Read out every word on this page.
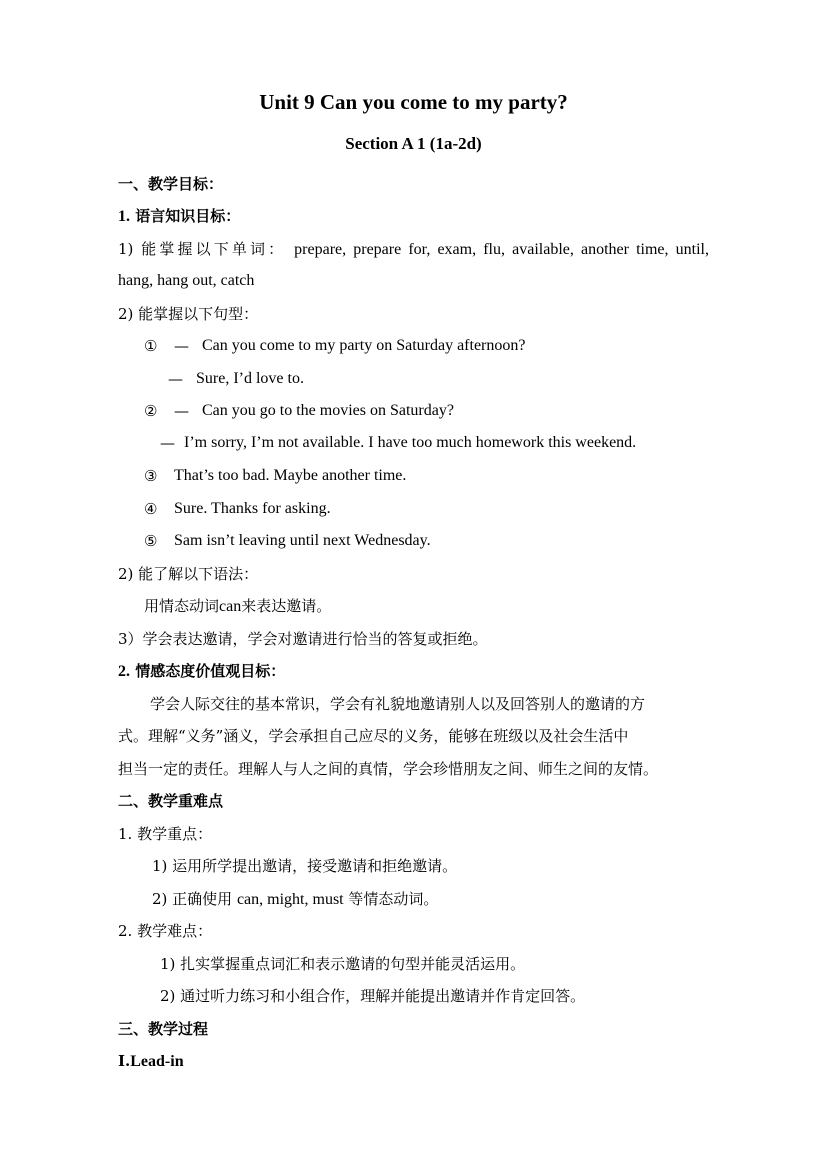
Unit 9 Can you come to my party?
Section A 1 (1a-2d)
一、教学目标：
1. 语言知识目标：
1) 能掌握以下单词： prepare, prepare for, exam, flu, available, another time, until,
hang, hang out, catch
2) 能掌握以下句型：
①	— Can you come to my party on Saturday afternoon?
— Sure, I’d love to.
②	— Can you go to the movies on Saturday?
— I’m sorry, I’m not available. I have too much homework this weekend.
③	That’s too bad. Maybe another time.
④	Sure. Thanks for asking.
⑤	Sam isn’t leaving until next Wednesday.
2) 能了解以下语法：
用情态动词can来表达邀请。
3）学会表达邀请，学会对邀请进行恰当的答复或拒绝。
2. 情感态度价值观目标：
学会人际交往的基本常识，学会有礼貌地邀请别人以及回答别人的邀请的方
式。理解“义务”涵义，学会承担自己应尽的义务，能够在班级以及社会生活中
担当一定的责任。理解人与人之间的真情，学会珍惜朋友之间、师生之间的友情。
二、教学重难点
1. 教学重点：
1) 运用所学提出邀请，接受邀请和拒绝邀请。
2) 正确使用 can, might, must 等情态动词。
2. 教学难点：
1) 扎实掌握重点词汇和表示邀请的句型并能灵活运用。
2) 通过听力练习和小组合作，理解并能提出邀请并作肯定回答。
三、教学过程
Ⅰ.Lead-in
